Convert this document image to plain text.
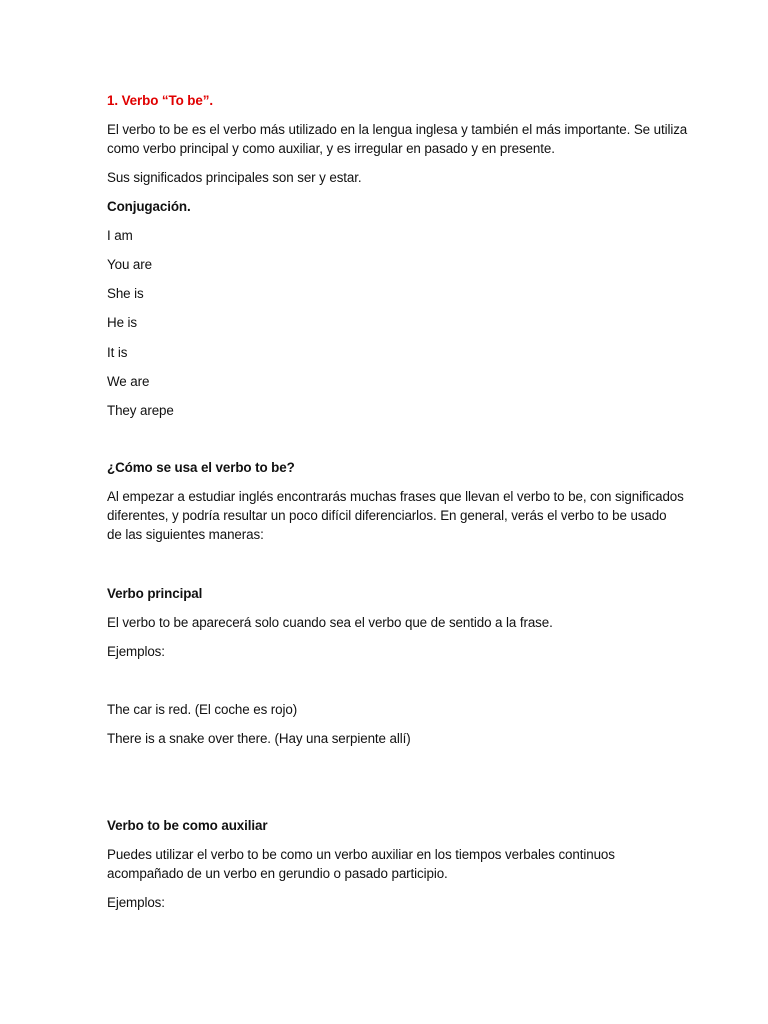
1. Verbo “To be”.
El verbo to be es el verbo más utilizado en la lengua inglesa y también el más importante. Se utiliza
como verbo principal y como auxiliar, y es irregular en pasado y en presente.
Sus significados principales son ser y estar.
Conjugación.
I am
You are
She is
He is
It is
We are
They arepe
¿Cómo se usa el verbo to be?
Al empezar a estudiar inglés encontrarás muchas frases que llevan el verbo to be, con significados
diferentes, y podría resultar un poco difícil diferenciarlos. En general, verás el verbo to be usado
de las siguientes maneras:
Verbo principal
El verbo to be aparecerá solo cuando sea el verbo que de sentido a la frase.
Ejemplos:
The car is red. (El coche es rojo)
There is a snake over there. (Hay una serpiente allí)
Verbo to be como auxiliar
Puedes utilizar el verbo to be como un verbo auxiliar en los tiempos verbales continuos
acompañado de un verbo en gerundio o pasado participio.
Ejemplos:
